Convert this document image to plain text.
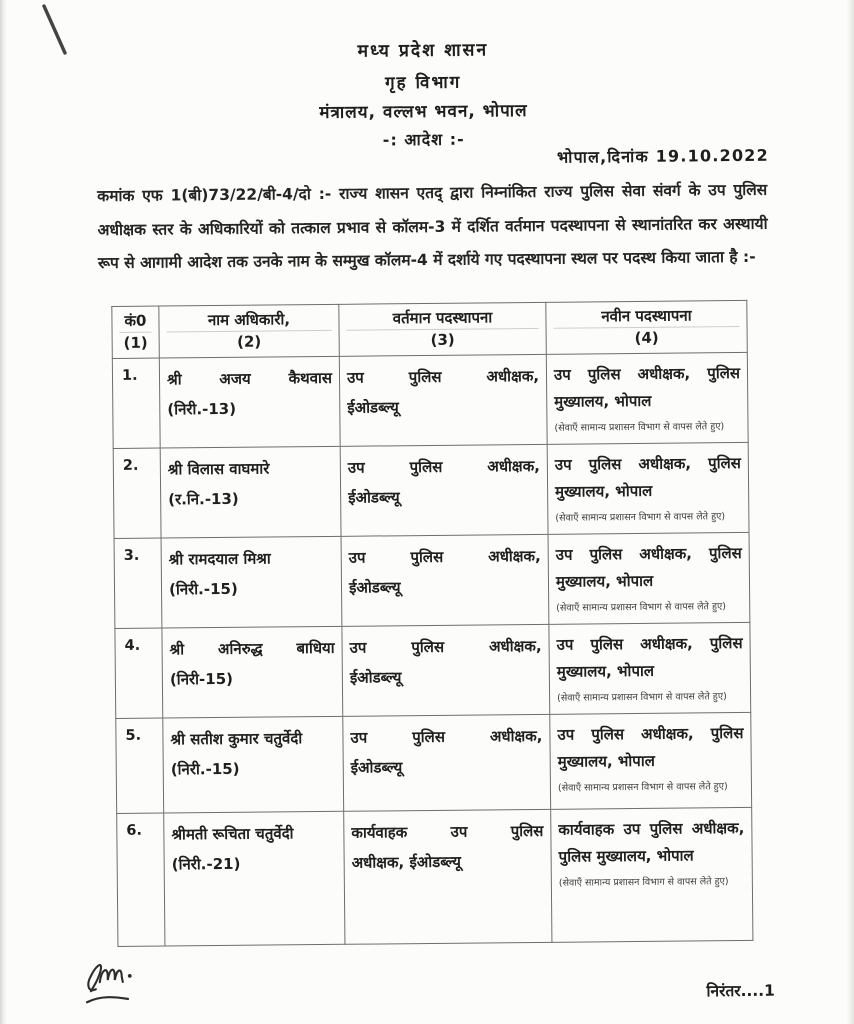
मध्य प्रदेश शासन
गृह विभाग
मंत्रालय, वल्लभ भवन, भोपाल
-: आदेश :-
भोपाल,दिनांक 19.10.2022
कमांक एफ 1(बी)73/22/बी-4/दो :- राज्य शासन एतद् द्वारा निम्नांकित राज्य पुलिस सेवा संवर्ग के उप पुलिस अधीक्षक स्तर के अधिकारियों को तत्काल प्रभाव से कॉलम-3 में दर्शित वर्तमान पदस्थापना से स्थानांतरित कर अस्थायी रूप से आगामी आदेश तक उनके नाम के सम्मुख कॉलम-4 में दर्शाये गए पदस्थापना स्थल पर पदस्थ किया जाता है :-
कं0
(1)

नाम अधिकारी,
(2)

वर्तमान पदस्थापना
(3)

नवीन पदस्थापना
(4)

1.	श्री अजय कैथवास
(निरी.-13)

उप पुलिस अधीक्षक,
ईओडब्ल्यू

उप पुलिस अधीक्षक, पुलिस मुख्यालय, भोपाल
(सेवाएँ सामान्य प्रशासन विभाग से वापस लेते हुए)

2.	श्री विलास वाघमारे
(र.नि.-13)

उप पुलिस अधीक्षक,
ईओडब्ल्यू

उप पुलिस अधीक्षक, पुलिस मुख्यालय, भोपाल
(सेवाएँ सामान्य प्रशासन विभाग से वापस लेते हुए)

3.	श्री रामदयाल मिश्रा
(निरी.-15)

उप पुलिस अधीक्षक,
ईओडब्ल्यू

उप पुलिस अधीक्षक, पुलिस मुख्यालय, भोपाल
(सेवाएँ सामान्य प्रशासन विभाग से वापस लेते हुए)

4.	श्री अनिरुद्ध बाधिया
(निरी-15)

उप पुलिस अधीक्षक,
ईओडब्ल्यू

उप पुलिस अधीक्षक, पुलिस मुख्यालय, भोपाल
(सेवाएँ सामान्य प्रशासन विभाग से वापस लेते हुए)

5.	श्री सतीश कुमार चतुर्वेदी
(निरी.-15)

उप पुलिस अधीक्षक,
ईओडब्ल्यू

उप पुलिस अधीक्षक, पुलिस मुख्यालय, भोपाल
(सेवाएँ सामान्य प्रशासन विभाग से वापस लेते हुए)

6.	श्रीमती रूचिता चतुर्वेदी
(निरी.-21)

कार्यवाहक उप पुलिस
अधीक्षक, ईओडब्ल्यू

कार्यवाहक उप पुलिस अधीक्षक, पुलिस मुख्यालय, भोपाल
(सेवाएँ सामान्य प्रशासन विभाग से वापस लेते हुए)
निरंतर....1
